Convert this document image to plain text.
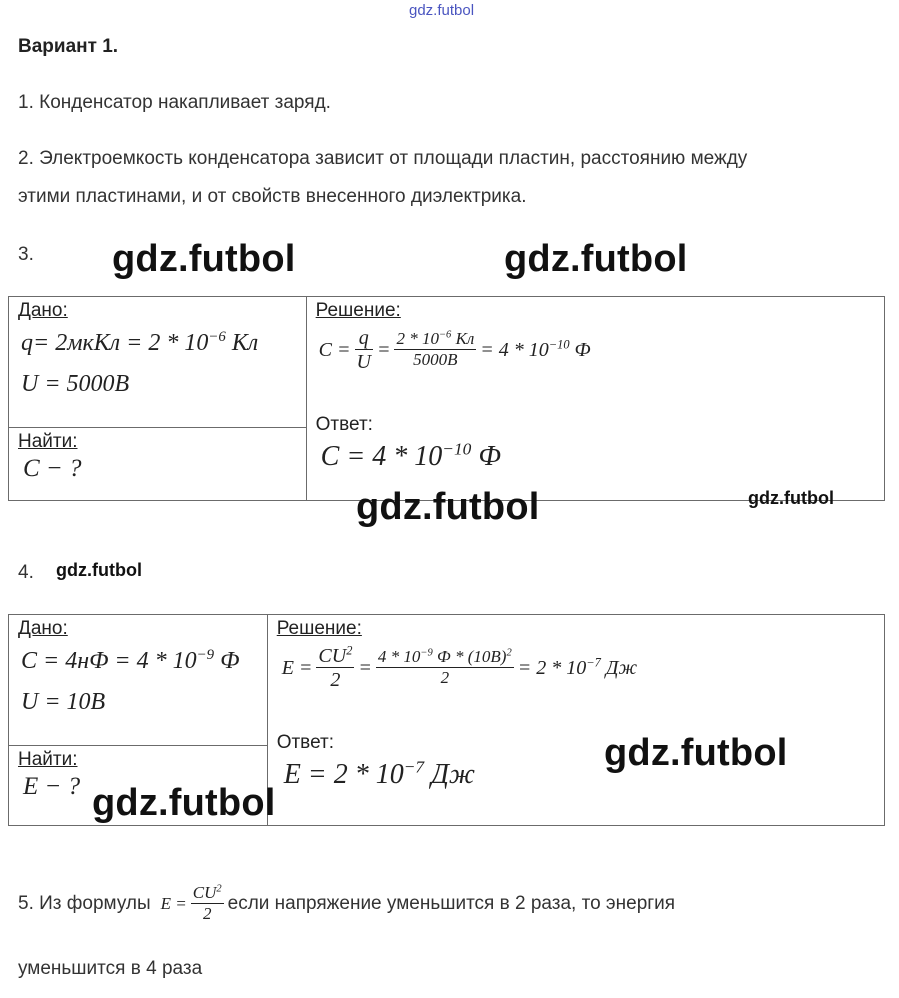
gdz.futbol
Вариант 1.
1. Конденсатор накапливает заряд.
2. Электроемкость конденсатора зависит от площади пластин, расстоянию между
этими пластинами, и от свойств внесенного диэлектрика.
3. gdz.futbol	gdz.futbol
Дано:
q= 2мкКл = $2 * 10^{-6}$ Кл
U = 5000В

Решение:
$C = \frac{q}{U} = \frac{2 * 10^{-6} Кл}{5000В} = 4 * 10^{-10}$ Ф
Ответ:
$C = 4 * 10^{-10}$ Ф

Найти:
C − ?
gdz.futbol	gdz.futbol
4. gdz.futbol
Дано:
$C = 4нФ = 4 * 10^{-9}$ Ф
U = 10В

Решение:
$E = \frac{CU^2}{2} = \frac{4 * 10^{-9} Ф * (10В)^2}{2} = 2 * 10^{-7}$ Дж
Ответ:
$E = 2 * 10^{-7}$ Дж

Найти:
E − ?
gdz.futbol
gdz.futbol
5. Из формулы $E = \frac{CU^2}{2}$ если напряжение уменьшится в 2 раза, то энергия
уменьшится в 4 раза
